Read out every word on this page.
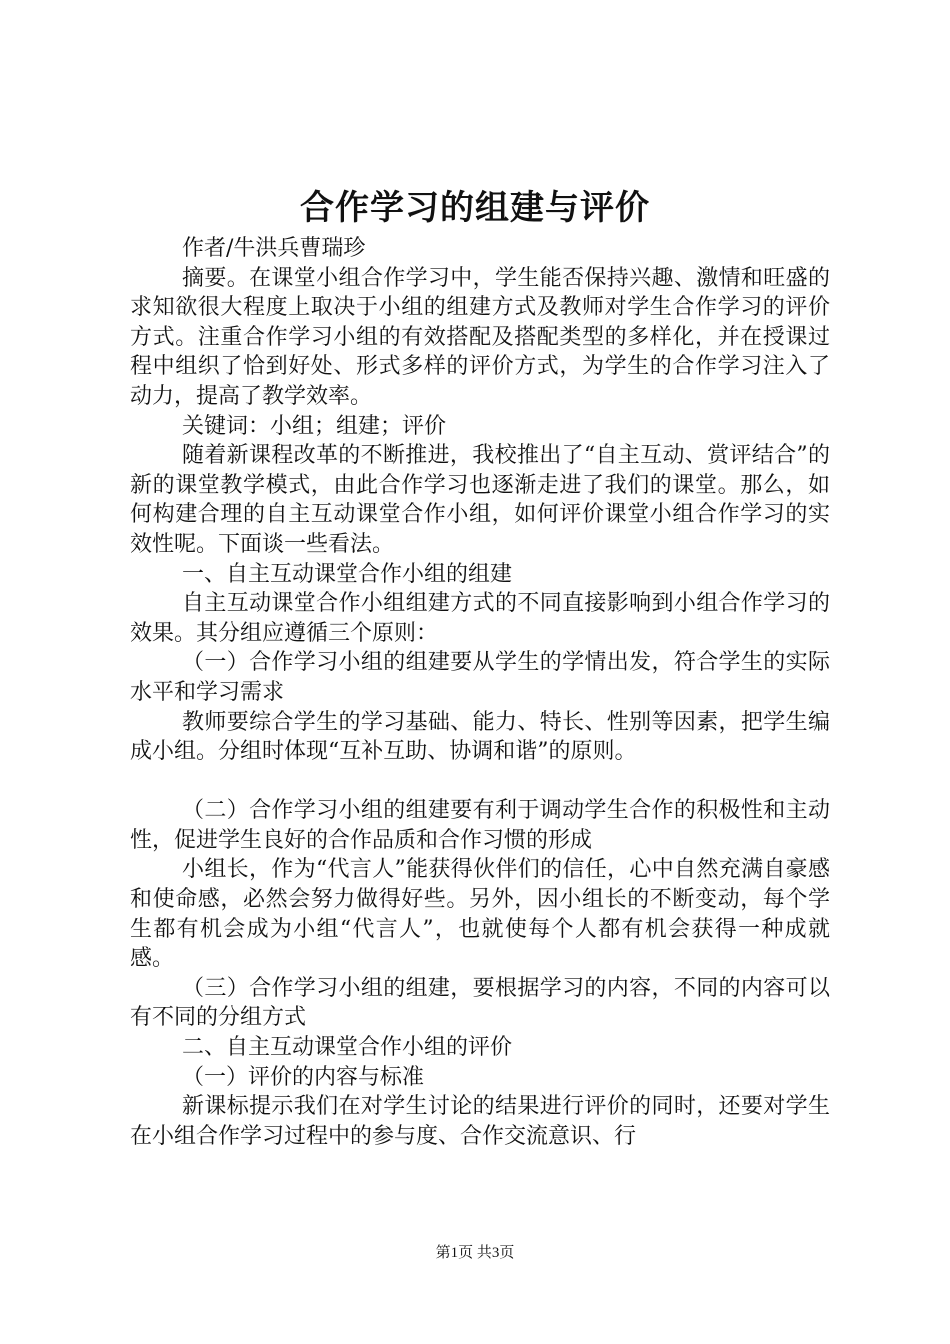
合作学习的组建与评价

作者/牛洪兵曹瑞珍

摘要。在课堂小组合作学习中，学生能否保持兴趣、激情和旺盛的求知欲很大程度上取决于小组的组建方式及教师对学生合作学习的评价方式。注重合作学习小组的有效搭配及搭配类型的多样化，并在授课过程中组织了恰到好处、形式多样的评价方式，为学生的合作学习注入了动力，提高了教学效率。

关键词：小组；组建；评价

随着新课程改革的不断推进，我校推出了“自主互动、赏评结合”的新的课堂教学模式，由此合作学习也逐渐走进了我们的课堂。那么，如何构建合理的自主互动课堂合作小组，如何评价课堂小组合作学习的实效性呢。下面谈一些看法。

一、自主互动课堂合作小组的组建

自主互动课堂合作小组组建方式的不同直接影响到小组合作学习的效果。其分组应遵循三个原则：

（一）合作学习小组的组建要从学生的学情出发，符合学生的实际水平和学习需求

教师要综合学生的学习基础、能力、特长、性别等因素，把学生编成小组。分组时体现“互补互助、协调和谐”的原则。

（二）合作学习小组的组建要有利于调动学生合作的积极性和主动性，促进学生良好的合作品质和合作习惯的形成

小组长，作为“代言人”能获得伙伴们的信任，心中自然充满自豪感和使命感，必然会努力做得好些。另外，因小组长的不断变动，每个学生都有机会成为小组“代言人”，也就使每个人都有机会获得一种成就感。

（三）合作学习小组的组建，要根据学习的内容，不同的内容可以有不同的分组方式

二、自主互动课堂合作小组的评价

（一）评价的内容与标准

新课标提示我们在对学生讨论的结果进行评价的同时，还要对学生在小组合作学习过程中的参与度、合作交流意识、行

第1页 共3页
